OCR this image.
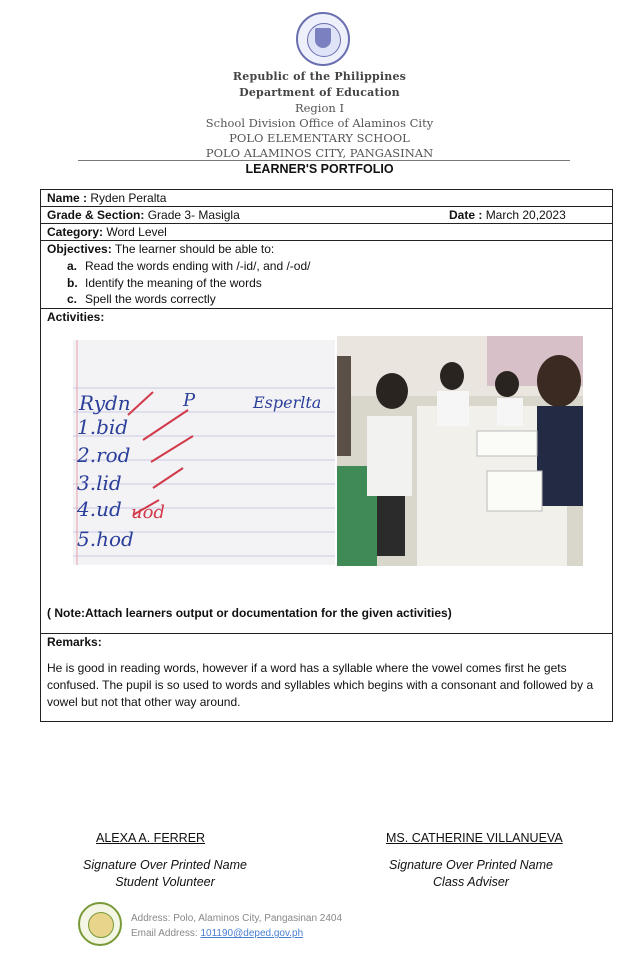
Republic of the Philippines
Department of Education
Region I
School Division Office of Alaminos City
POLO ELEMENTARY SCHOOL
POLO ALAMINOS CITY, PANGASINAN
LEARNER'S PORTFOLIO
Name : Ryden Peralta
Grade & Section: Grade 3- Masigla	Date : March 20,2023
Category: Word Level
Objectives: The learner should be able to:
a. Read the words ending with /-id/, and /-od/
b. Identify the meaning of the words
c. Spell the words correctly
Activities:
Remarks:
Rydn
1.bid
2.rod
3.lid
4.ud
5.hod
P	Esperlta
uod
( Note:Attach learners output or documentation for the given activities)
He is good in reading words, however if a word has a syllable where the vowel comes first he gets confused. The pupil is so used to words and syllables which begins with a consonant and followed by a vowel but not that other way around.
ALEXA A. FERRER
Signature Over Printed Name
Student Volunteer
MS. CATHERINE VILLANUEVA
Signature Over Printed Name
Class Adviser
Address: Polo, Alaminos City, Pangasinan 2404
Email Address: 101190@deped.gov.ph
